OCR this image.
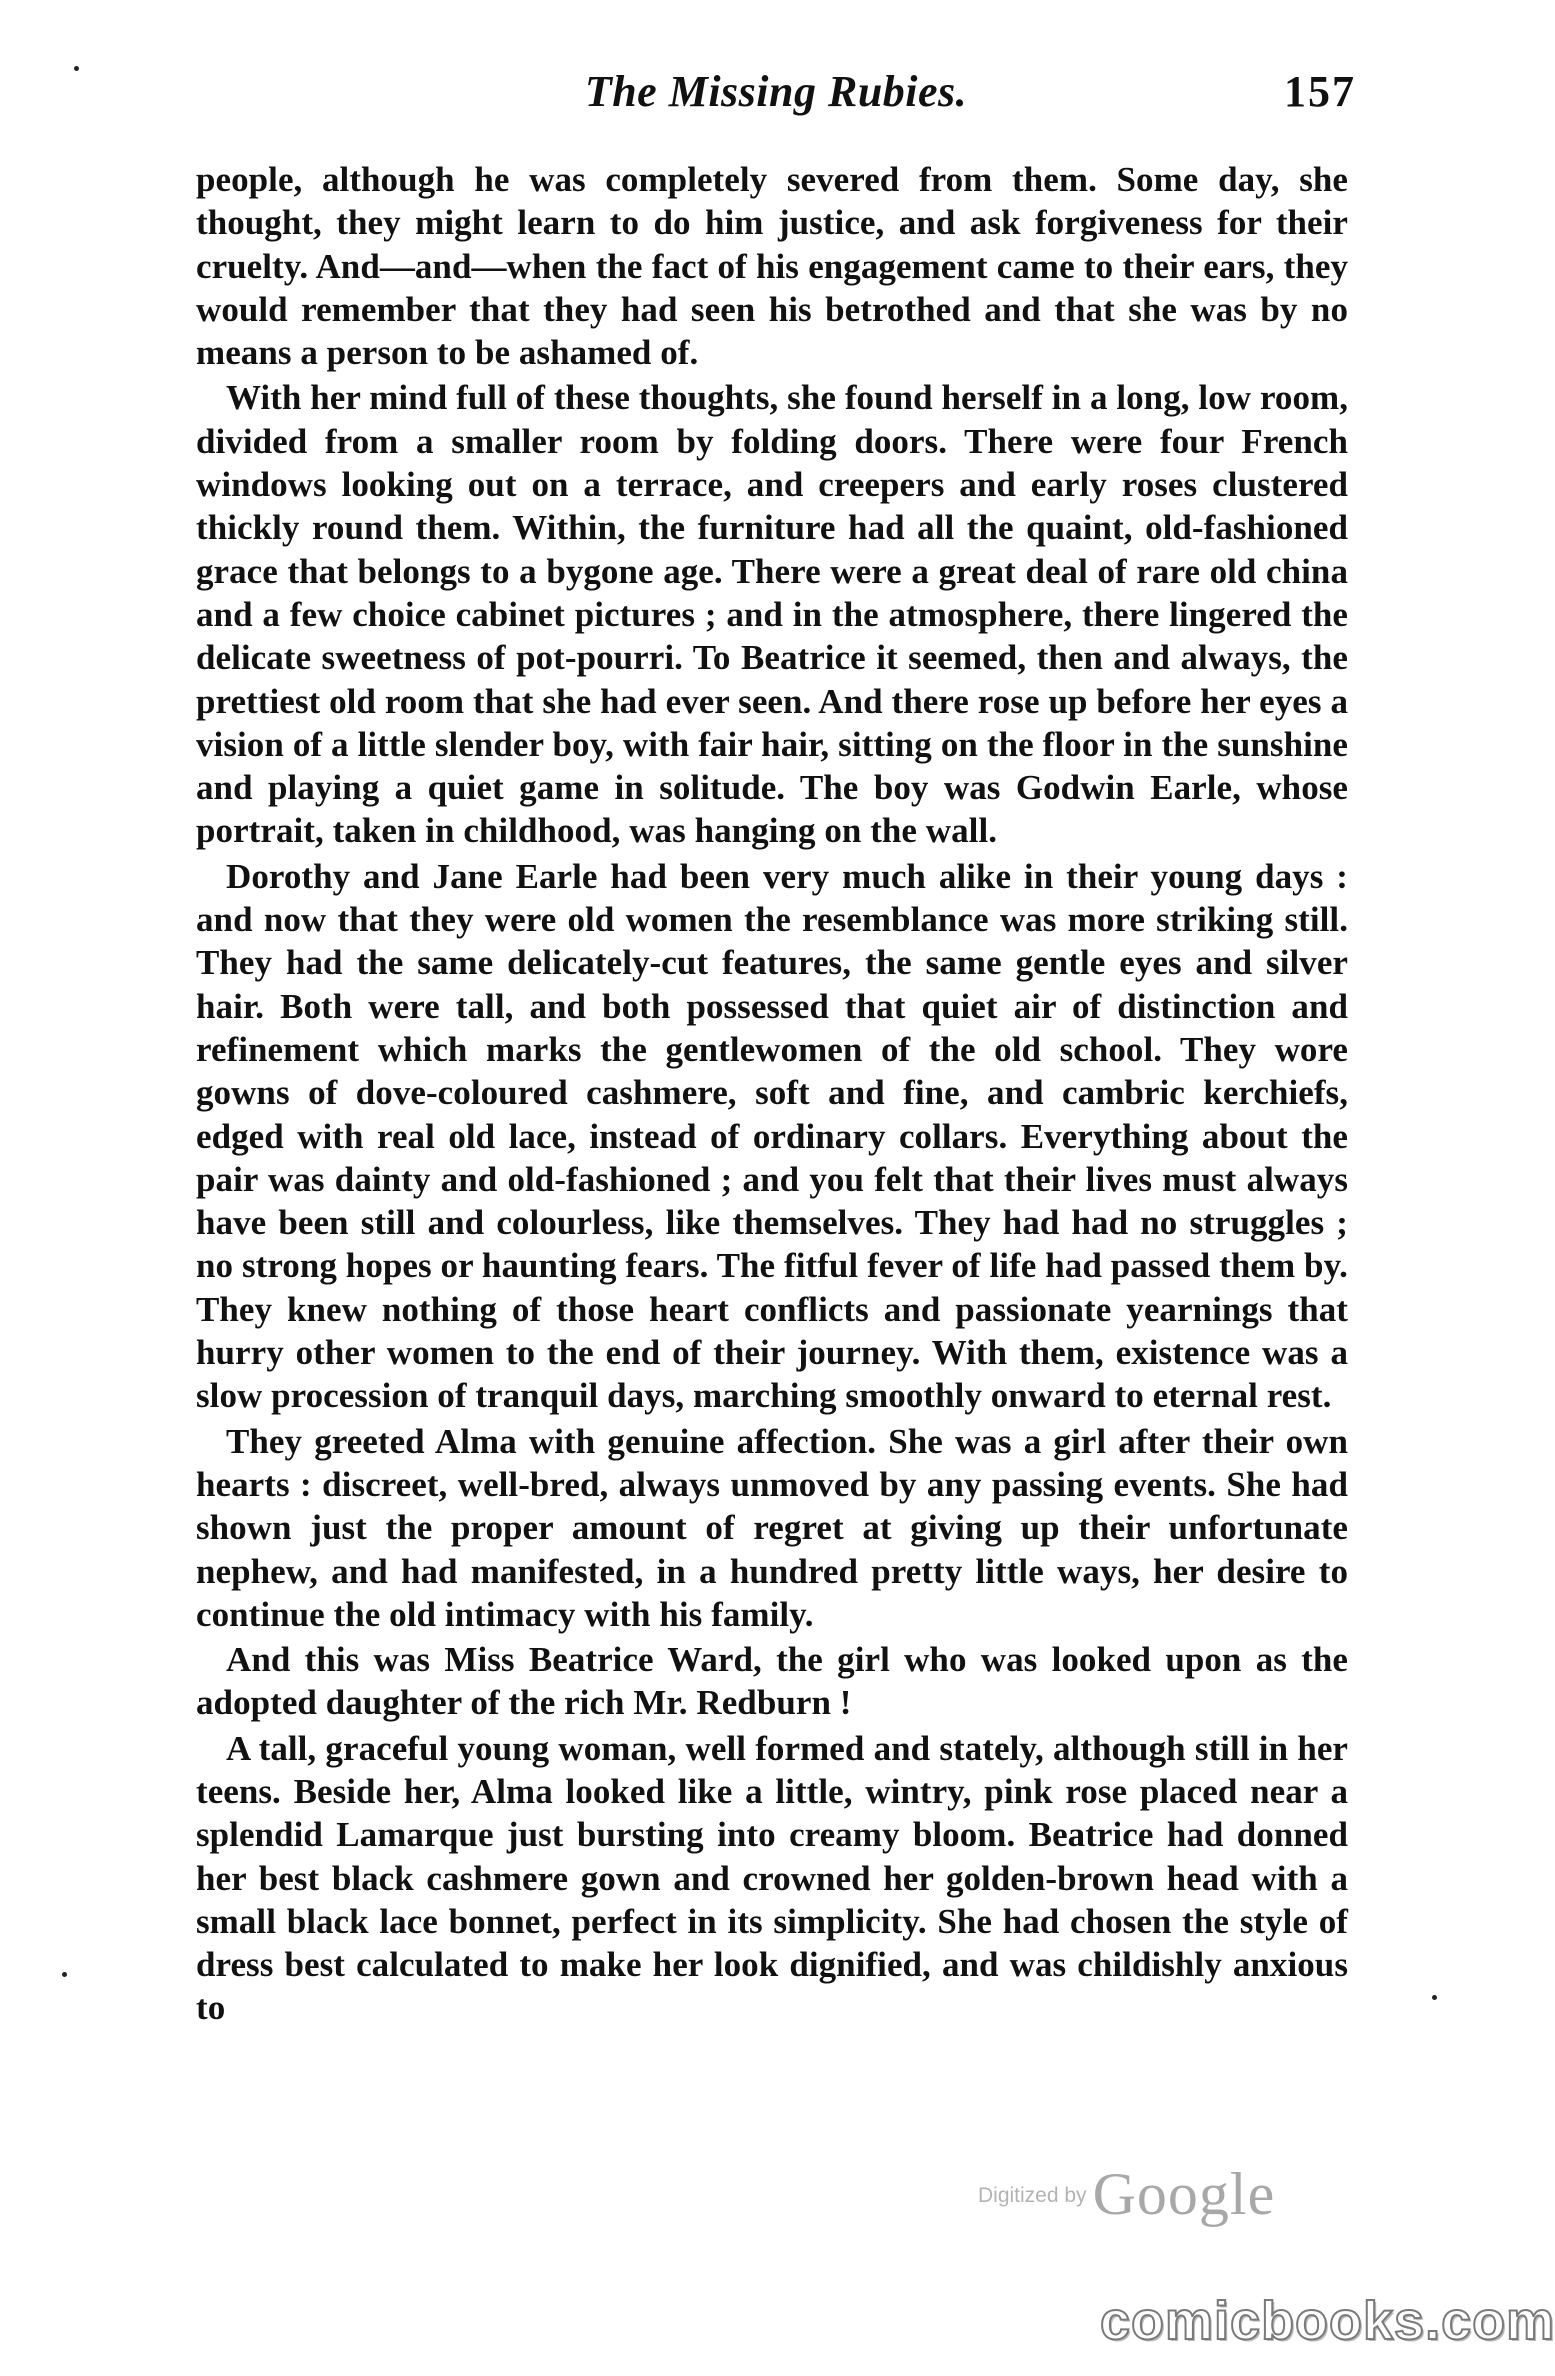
The Missing Rubies.	157

people, although he was completely severed from them. Some day, she thought, they might learn to do him justice, and ask forgiveness for their cruelty. And—and—when the fact of his engagement came to their ears, they would remember that they had seen his betrothed and that she was by no means a person to be ashamed of.

With her mind full of these thoughts, she found herself in a long, low room, divided from a smaller room by folding doors. There were four French windows looking out on a terrace, and creepers and early roses clustered thickly round them. Within, the furniture had all the quaint, old-fashioned grace that belongs to a bygone age. There were a great deal of rare old china and a few choice cabinet pictures ; and in the atmosphere, there lingered the delicate sweetness of pot-pourri. To Beatrice it seemed, then and always, the prettiest old room that she had ever seen. And there rose up before her eyes a vision of a little slender boy, with fair hair, sitting on the floor in the sunshine and playing a quiet game in solitude. The boy was Godwin Earle, whose portrait, taken in childhood, was hanging on the wall.

Dorothy and Jane Earle had been very much alike in their young days : and now that they were old women the resemblance was more striking still. They had the same delicately-cut features, the same gentle eyes and silver hair. Both were tall, and both possessed that quiet air of distinction and refinement which marks the gentlewomen of the old school. They wore gowns of dove-coloured cashmere, soft and fine, and cambric kerchiefs, edged with real old lace, instead of ordinary collars. Everything about the pair was dainty and old-fashioned ; and you felt that their lives must always have been still and colourless, like themselves. They had had no struggles ; no strong hopes or haunting fears. The fitful fever of life had passed them by. They knew nothing of those heart conflicts and passionate yearnings that hurry other women to the end of their journey. With them, existence was a slow procession of tranquil days, marching smoothly onward to eternal rest.

They greeted Alma with genuine affection. She was a girl after their own hearts : discreet, well-bred, always unmoved by any passing events. She had shown just the proper amount of regret at giving up their unfortunate nephew, and had manifested, in a hundred pretty little ways, her desire to continue the old intimacy with his family.

And this was Miss Beatrice Ward, the girl who was looked upon as the adopted daughter of the rich Mr. Redburn !

A tall, graceful young woman, well formed and stately, although still in her teens. Beside her, Alma looked like a little, wintry, pink rose placed near a splendid Lamarque just bursting into creamy bloom. Beatrice had donned her best black cashmere gown and crowned her golden-brown head with a small black lace bonnet, perfect in its simplicity. She had chosen the style of dress best calculated to make her look dignified, and was childishly anxious to

Digitized by Google
comicbooks.com
